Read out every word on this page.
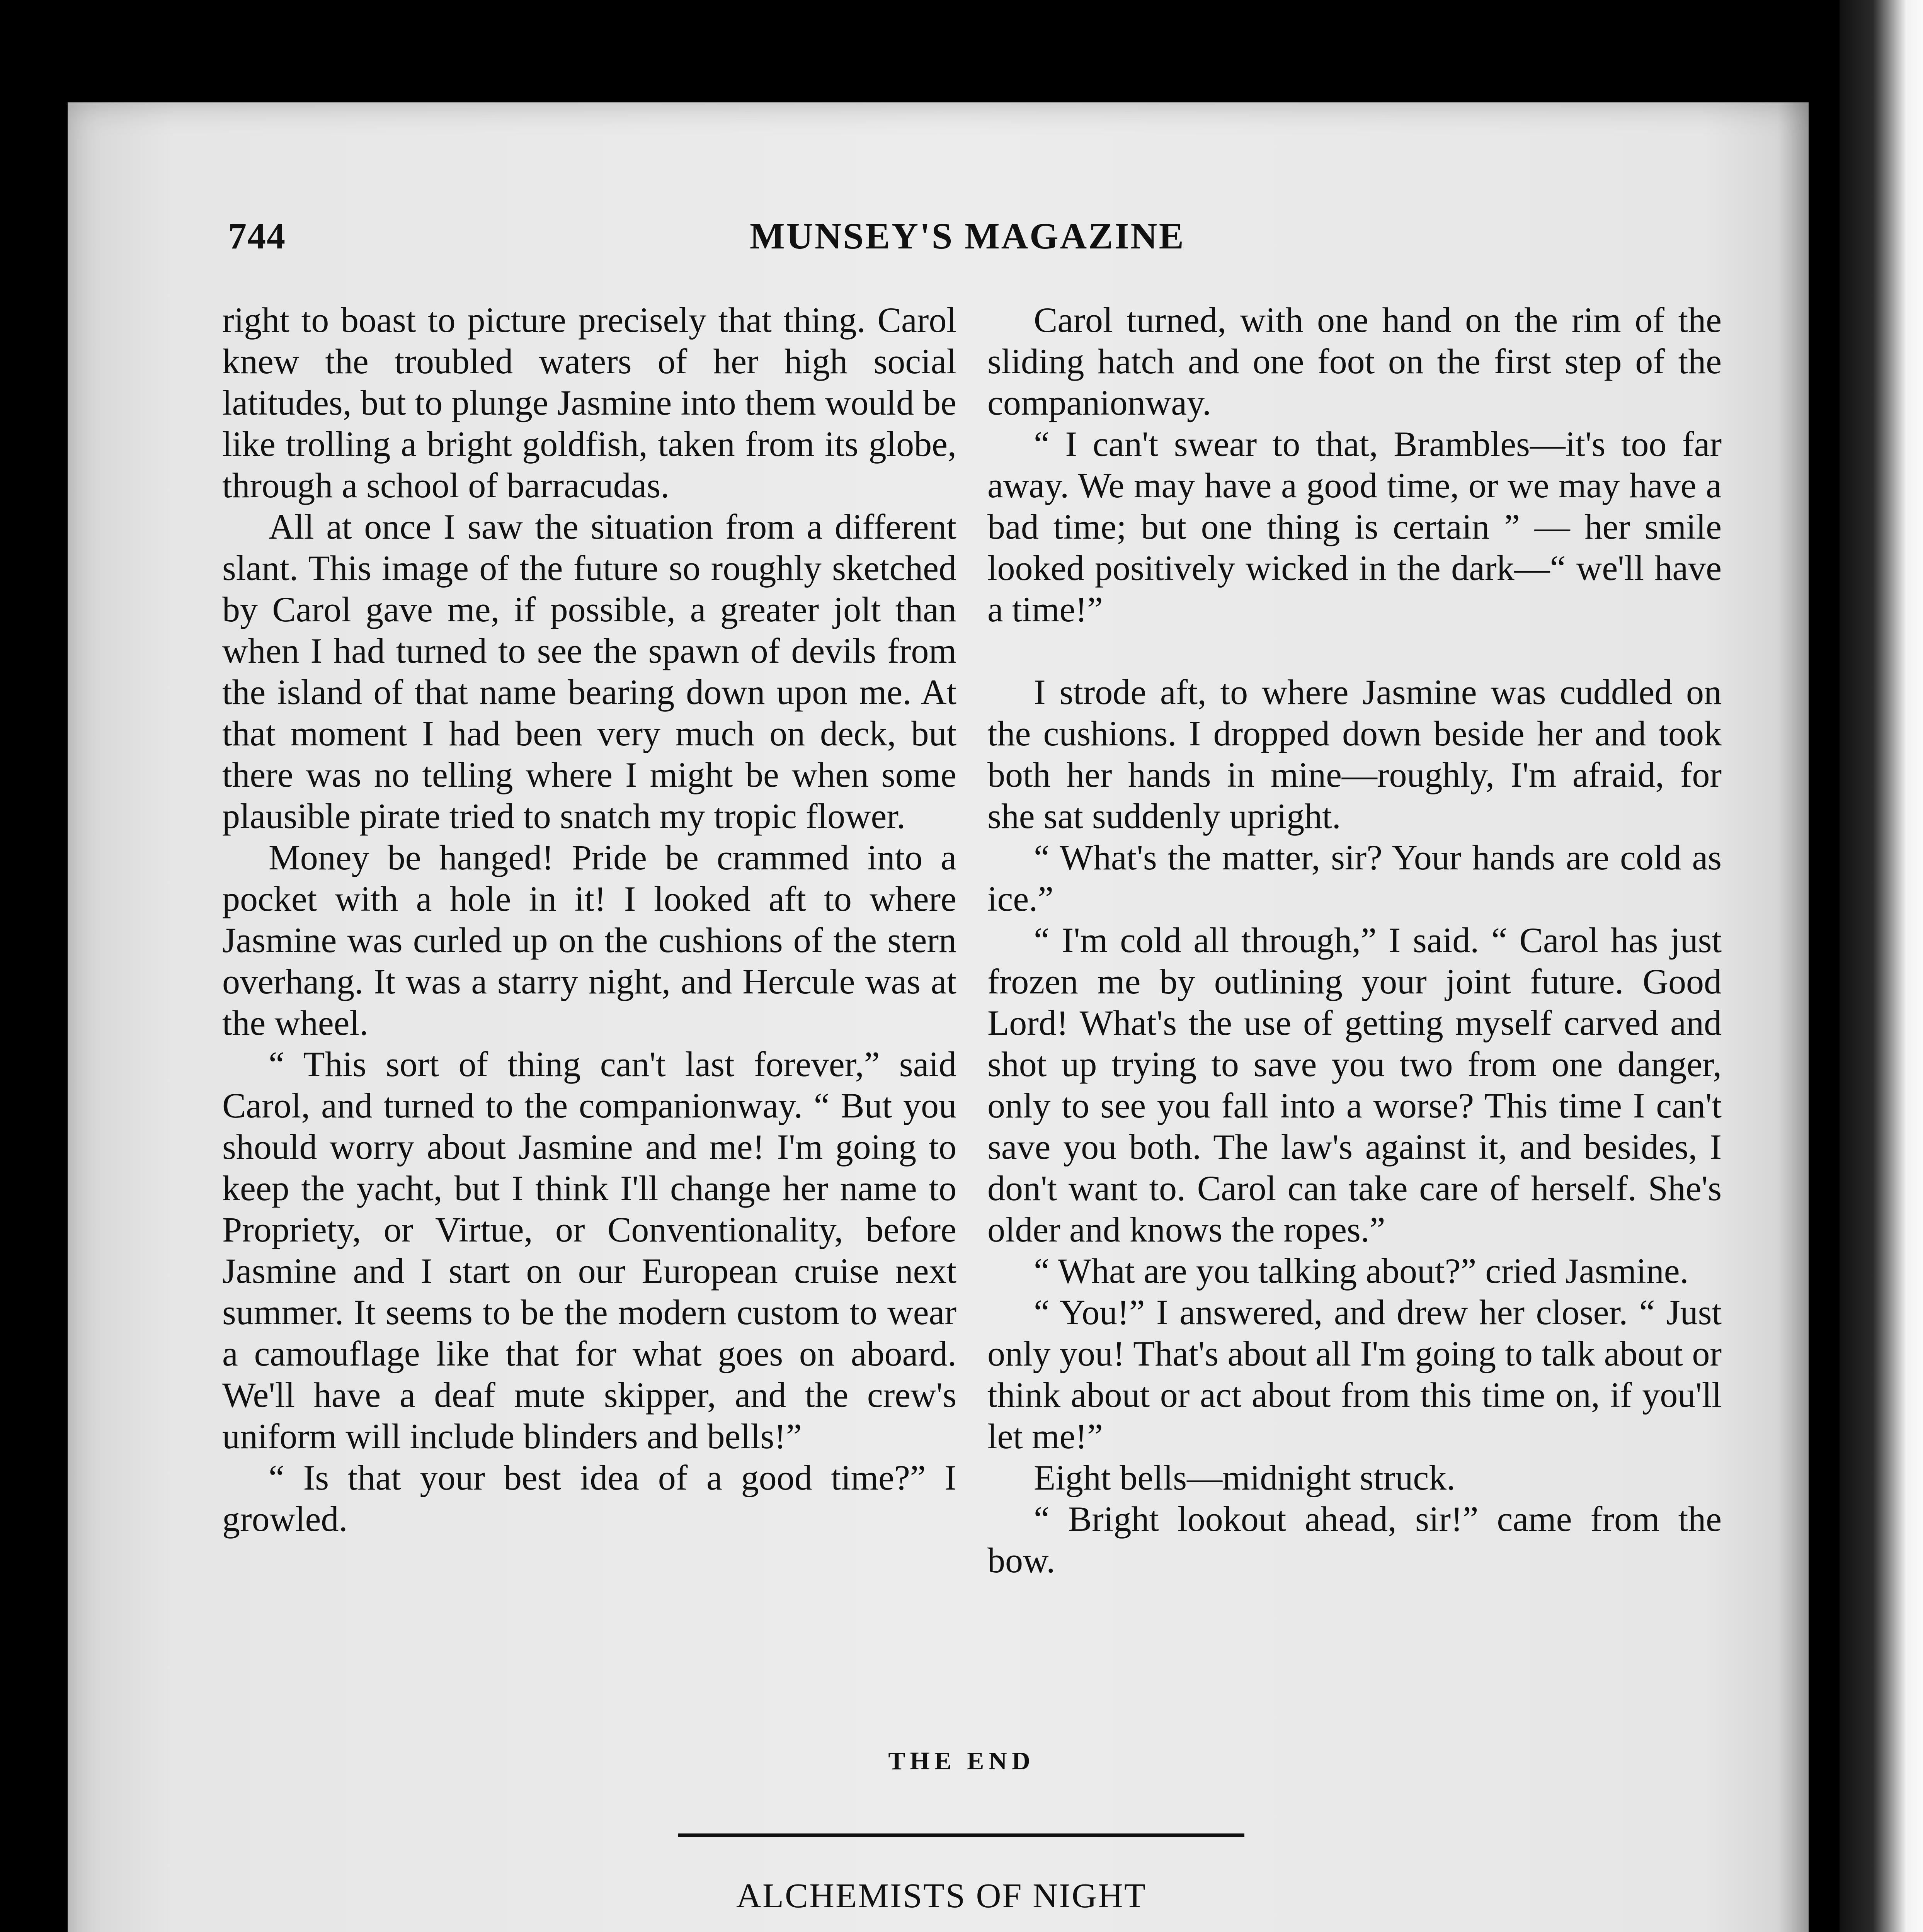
744	MUNSEY'S MAGAZINE

right to boast to picture precisely that thing. Carol knew the troubled waters of her high social latitudes, but to plunge Jasmine into them would be like trolling a bright goldfish, taken from its globe, through a school of barracudas.

All at once I saw the situation from a different slant. This image of the future so roughly sketched by Carol gave me, if possible, a greater jolt than when I had turned to see the spawn of devils from the island of that name bearing down upon me. At that moment I had been very much on deck, but there was no telling where I might be when some plausible pirate tried to snatch my tropic flower.

Money be hanged! Pride be crammed into a pocket with a hole in it! I looked aft to where Jasmine was curled up on the cushions of the stern overhang. It was a starry night, and Hercule was at the wheel.

“ This sort of thing can't last forever,” said Carol, and turned to the companionway. “ But you should worry about Jasmine and me! I'm going to keep the yacht, but I think I'll change her name to Propriety, or Virtue, or Conventionality, before Jasmine and I start on our European cruise next summer. It seems to be the modern custom to wear a camouflage like that for what goes on aboard. We'll have a deaf mute skipper, and the crew's uniform will include blinders and bells!”

“ Is that your best idea of a good time?” I growled.

Carol turned, with one hand on the rim of the sliding hatch and one foot on the first step of the companionway.

“ I can't swear to that, Brambles—it's too far away. We may have a good time, or we may have a bad time; but one thing is certain ” — her smile looked positively wicked in the dark—“ we'll have a time!”

I strode aft, to where Jasmine was cuddled on the cushions. I dropped down beside her and took both her hands in mine—roughly, I'm afraid, for she sat suddenly upright.

“ What's the matter, sir? Your hands are cold as ice.”

“ I'm cold all through,” I said. “ Carol has just frozen me by outlining your joint future. Good Lord! What's the use of getting myself carved and shot up trying to save you two from one danger, only to see you fall into a worse? This time I can't save you both. The law's against it, and besides, I don't want to. Carol can take care of herself. She's older and knows the ropes.”

“ What are you talking about?” cried Jasmine.

“ You!” I answered, and drew her closer. “ Just only you! That's about all I'm going to talk about or think about or act about from this time on, if you'll let me!”

Eight bells—midnight struck.

“ Bright lookout ahead, sir!” came from the bow.

THE END
ALCHEMISTS OF NIGHT
